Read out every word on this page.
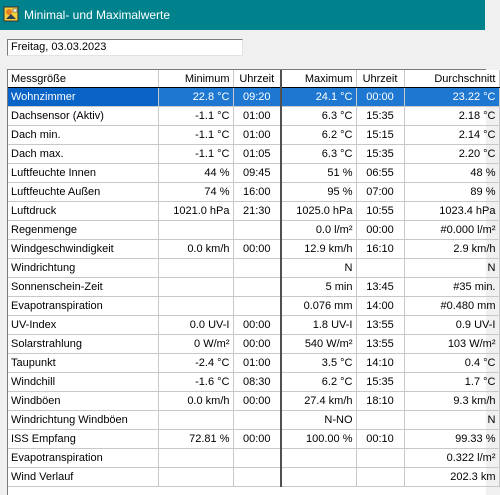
Minimal- und Maximalwerte
Freitag, 03.03.2023
Messgröße	Minimum	Uhrzeit	Maximum	Uhrzeit	Durchschnitt
Wohnzimmer	22.8 °C	09:20	24.1 °C	00:00	23.22 °C
Dachsensor (Aktiv)	-1.1 °C	01:00	6.3 °C	15:35	2.18 °C
Dach min.	-1.1 °C	01:00	6.2 °C	15:15	2.14 °C
Dach max.	-1.1 °C	01:05	6.3 °C	15:35	2.20 °C
Luftfeuchte Innen	44 %	09:45	51 %	06:55	48 %
Luftfeuchte Außen	74 %	16:00	95 %	07:00	89 %
Luftdruck	1021.0 hPa	21:30	1025.0 hPa	10:55	1023.4 hPa
Regenmenge			0.0 l/m²	00:00	#0.000 l/m²
Windgeschwindigkeit	0.0 km/h	00:00	12.9 km/h	16:10	2.9 km/h
Windrichtung			N		N
Sonnenschein-Zeit			5 min	13:45	#35 min.
Evapotranspiration			0.076 mm	14:00	#0.480 mm
UV-Index	0.0 UV-I	00:00	1.8 UV-I	13:55	0.9 UV-I
Solarstrahlung	0 W/m²	00:00	540 W/m²	13:55	103 W/m²
Taupunkt	-2.4 °C	01:00	3.5 °C	14:10	0.4 °C
Windchill	-1.6 °C	08:30	6.2 °C	15:35	1.7 °C
Windböen	0.0 km/h	00:00	27.4 km/h	18:10	9.3 km/h
Windrichtung Windböen			N-NO		N
ISS Empfang	72.81 %	00:00	100.00 %	00:10	99.33 %
Evapotranspiration					0.322 l/m²
Wind Verlauf					202.3 km
